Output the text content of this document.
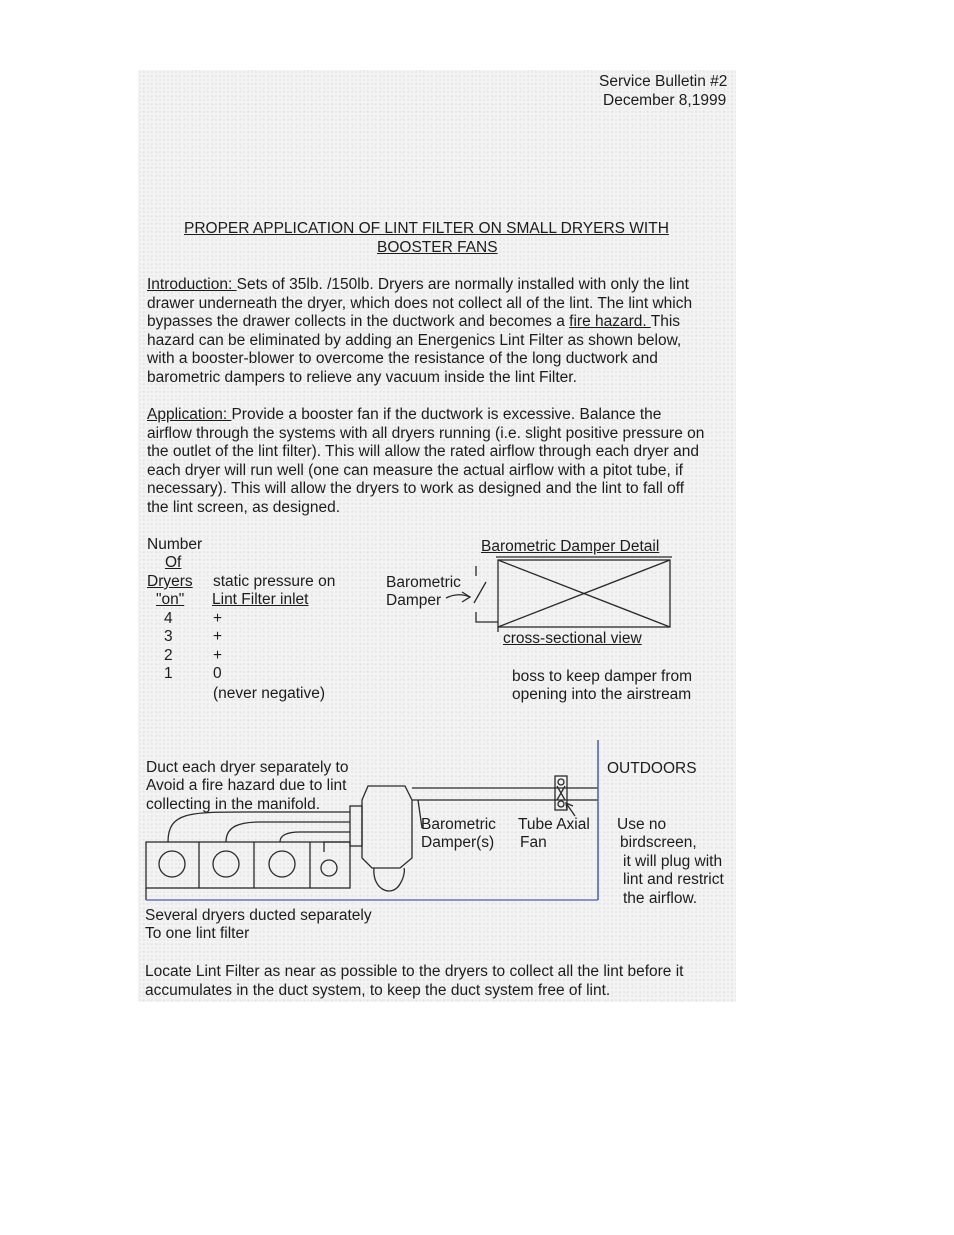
Service Bulletin #2
December 8,1999
PROPER APPLICATION OF LINT FILTER ON SMALL DRYERS WITH
BOOSTER FANS
Introduction: Sets of 35lb. /150lb. Dryers are normally installed with only the lint
drawer underneath the dryer, which does not collect all of the lint. The lint which
bypasses the drawer collects in the ductwork and becomes a fire hazard. This
hazard can be eliminated by adding an Energenics Lint Filter as shown below,
with a booster-blower to overcome the resistance of the long ductwork and
barometric dampers to relieve any vacuum inside the lint Filter.
Application: Provide a booster fan if the ductwork is excessive. Balance the
airflow through the systems with all dryers running (i.e. slight positive pressure on
the outlet of the lint filter). This will allow the rated airflow through each dryer and
each dryer will run well (one can measure the actual airflow with a pitot tube, if
necessary). This will allow the dryers to work as designed and the lint to fall off
the lint screen, as designed.
Number
Of
Dryers
"on"
static pressure on
Lint Filter inlet
4	+
3	+
2	+
1	0
(never negative)
Barometric Damper Detail
Barometric
Damper
cross-sectional view
boss to keep damper from
opening into the airstream
Duct each dryer separately to
Avoid a fire hazard due to lint
collecting in the manifold.
OUTDOORS
Barometric
Damper(s)
Tube Axial
Fan
Use no
birdscreen,
it will plug with
lint and restrict
the airflow.
Several dryers ducted separately
To one lint filter
Locate Lint Filter as near as possible to the dryers to collect all the lint before it
accumulates in the duct system, to keep the duct system free of lint.
